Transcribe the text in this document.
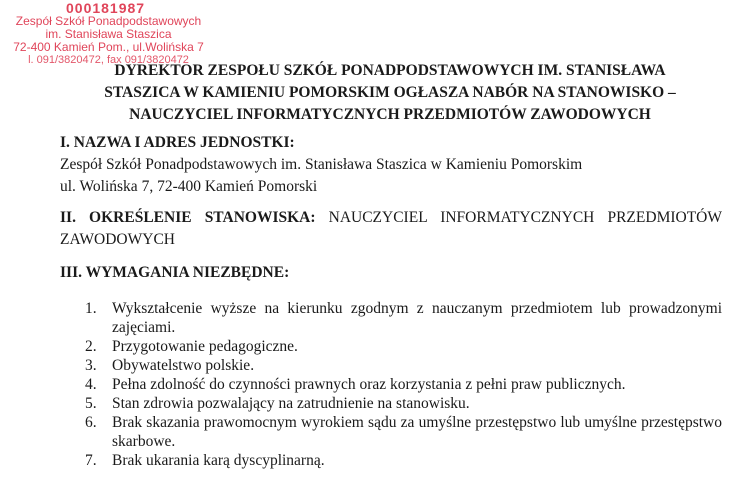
000181987
Zespół Szkół Ponadpodstawowych
im. Stanisława Staszica
72-400 Kamień Pom., ul.Wolińska 7
l. 091/3820472, fax 091/3820472
DYREKTOR ZESPOŁU SZKÓŁ PONADPODSTAWOWYCH IM. STANISŁAWA
STASZICA W KAMIENIU POMORSKIM OGŁASZA NABÓR NA STANOWISKO –
NAUCZYCIEL INFORMATYCZNYCH PRZEDMIOTÓW ZAWODOWYCH
I. NAZWA I ADRES JEDNOSTKI:
Zespół Szkół Ponadpodstawowych im. Stanisława Staszica w Kamieniu Pomorskim
ul. Wolińska 7, 72-400 Kamień Pomorski
II. OKREŚLENIE STANOWISKA: NAUCZYCIEL INFORMATYCZNYCH PRZEDMIOTÓW ZAWODOWYCH
III. WYMAGANIA NIEZBĘDNE:
1. Wykształcenie wyższe na kierunku zgodnym z nauczanym przedmiotem lub prowadzonymi zajęciami.
2. Przygotowanie pedagogiczne.
3. Obywatelstwo polskie.
4. Pełna zdolność do czynności prawnych oraz korzystania z pełni praw publicznych.
5. Stan zdrowia pozwalający na zatrudnienie na stanowisku.
6. Brak skazania prawomocnym wyrokiem sądu za umyślne przestępstwo lub umyślne przestępstwo skarbowe.
7. Brak ukarania karą dyscyplinarną.
